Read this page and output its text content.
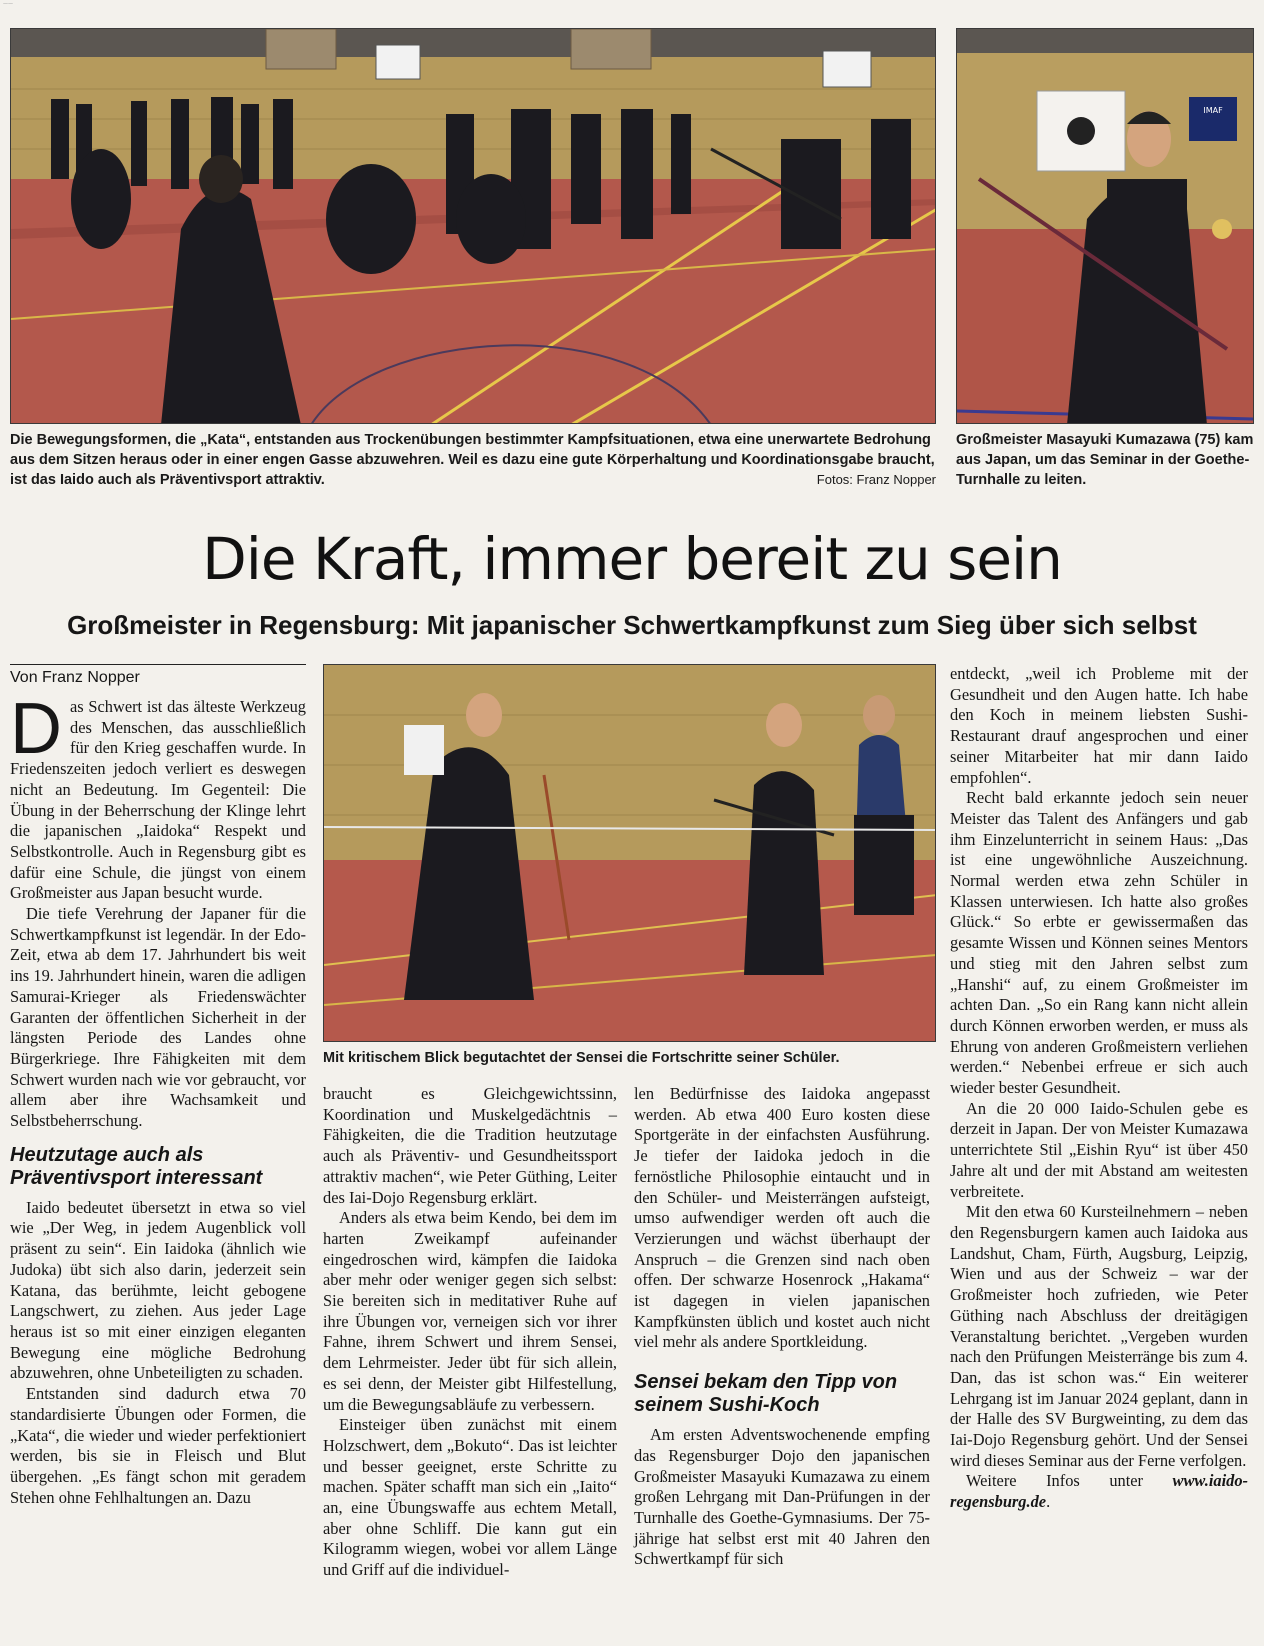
——
IMAF
Die Bewegungsformen, die „Kata“, entstanden aus Trockenübungen bestimmter Kampfsituationen, etwa eine unerwartete Bedrohung aus dem Sitzen heraus oder in einer engen Gasse abzuwehren. Weil es dazu eine gute Körperhaltung und Koordinationsgabe braucht, ist das Iaido auch als Präventivsport attraktiv.	Fotos: Franz Nopper
Großmeister Masayuki Kumazawa (75) kam aus Japan, um das Seminar in der Goethe-Turnhalle zu leiten.
Die Kraft, immer bereit zu sein
Großmeister in Regensburg: Mit japanischer Schwertkampfkunst zum Sieg über sich selbst
Von Franz Nopper
Mit kritischem Blick begutachtet der Sensei die Fortschritte seiner Schüler.

Das Schwert ist das älteste Werkzeug des Menschen, das ausschließlich für den Krieg geschaffen wurde. In Friedenszeiten jedoch verliert es deswegen nicht an Bedeutung. Im Gegenteil: Die Übung in der Beherrschung der Klinge lehrt die japanischen „Iaidoka“ Respekt und Selbstkontrolle. Auch in Regensburg gibt es dafür eine Schule, die jüngst von einem Großmeister aus Japan besucht wurde.

Die tiefe Verehrung der Japaner für die Schwertkampfkunst ist legendär. In der Edo-Zeit, etwa ab dem 17. Jahrhundert bis weit ins 19. Jahrhundert hinein, waren die adligen Samurai-Krieger als Friedenswächter Garanten der öffentlichen Sicherheit in der längsten Periode des Landes ohne Bürgerkriege. Ihre Fähigkeiten mit dem Schwert wurden nach wie vor gebraucht, vor allem aber ihre Wachsamkeit und Selbstbeherrschung.

Heutzutage auch als Präventivsport interessant

Iaido bedeutet übersetzt in etwa so viel wie „Der Weg, in jedem Augenblick voll präsent zu sein“. Ein Iaidoka (ähnlich wie Judoka) übt sich also darin, jederzeit sein Katana, das berühmte, leicht gebogene Langschwert, zu ziehen. Aus jeder Lage heraus ist so mit einer einzigen eleganten Bewegung eine mögliche Bedrohung abzuwehren, ohne Unbeteiligten zu schaden.

Entstanden sind dadurch etwa 70 standardisierte Übungen oder Formen, die „Kata“, die wieder und wieder perfektioniert werden, bis sie in Fleisch und Blut übergehen. „Es fängt schon mit geradem Stehen ohne Fehlhaltungen an. Dazu

braucht es Gleichgewichtssinn, Koordination und Muskelgedächtnis – Fähigkeiten, die die Tradition heutzutage auch als Präventiv- und Gesundheitssport attraktiv machen“, wie Peter Güthing, Leiter des Iai-Dojo Regensburg erklärt.

Anders als etwa beim Kendo, bei dem im harten Zweikampf aufeinander eingedroschen wird, kämpfen die Iaidoka aber mehr oder weniger gegen sich selbst: Sie bereiten sich in meditativer Ruhe auf ihre Übungen vor, verneigen sich vor ihrer Fahne, ihrem Schwert und ihrem Sensei, dem Lehrmeister. Jeder übt für sich allein, es sei denn, der Meister gibt Hilfestellung, um die Bewegungsabläufe zu verbessern.

Einsteiger üben zunächst mit einem Holzschwert, dem „Bokuto“. Das ist leichter und besser geeignet, erste Schritte zu machen. Später schafft man sich ein „Iaito“ an, eine Übungswaffe aus echtem Metall, aber ohne Schliff. Die kann gut ein Kilogramm wiegen, wobei vor allem Länge und Griff auf die individuel-

len Bedürfnisse des Iaidoka angepasst werden. Ab etwa 400 Euro kosten diese Sportgeräte in der einfachsten Ausführung. Je tiefer der Iaidoka jedoch in die fernöstliche Philosophie eintaucht und in den Schüler- und Meisterrängen aufsteigt, umso aufwendiger werden oft auch die Verzierungen und wächst überhaupt der Anspruch – die Grenzen sind nach oben offen. Der schwarze Hosenrock „Hakama“ ist dagegen in vielen japanischen Kampfkünsten üblich und kostet auch nicht viel mehr als andere Sportkleidung.

Sensei bekam den Tipp von seinem Sushi-Koch

Am ersten Adventswochenende empfing das Regensburger Dojo den japanischen Großmeister Masayuki Kumazawa zu einem großen Lehrgang mit Dan-Prüfungen in der Turnhalle des Goethe-Gymnasiums. Der 75-jährige hat selbst erst mit 40 Jahren den Schwertkampf für sich

entdeckt, „weil ich Probleme mit der Gesundheit und den Augen hatte. Ich habe den Koch in meinem liebsten Sushi-Restaurant drauf angesprochen und einer seiner Mitarbeiter hat mir dann Iaido empfohlen“.

Recht bald erkannte jedoch sein neuer Meister das Talent des Anfängers und gab ihm Einzelunterricht in seinem Haus: „Das ist eine ungewöhnliche Auszeichnung. Normal werden etwa zehn Schüler in Klassen unterwiesen. Ich hatte also großes Glück.“ So erbte er gewissermaßen das gesamte Wissen und Können seines Mentors und stieg mit den Jahren selbst zum „Hanshi“ auf, zu einem Großmeister im achten Dan. „So ein Rang kann nicht allein durch Können erworben werden, er muss als Ehrung von anderen Großmeistern verliehen werden.“ Nebenbei erfreue er sich auch wieder bester Gesundheit.

An die 20 000 Iaido-Schulen gebe es derzeit in Japan. Der von Meister Kumazawa unterrichtete Stil „Eishin Ryu“ ist über 450 Jahre alt und der mit Abstand am weitesten verbreitete.

Mit den etwa 60 Kursteilnehmern – neben den Regensburgern kamen auch Iaidoka aus Landshut, Cham, Fürth, Augsburg, Leipzig, Wien und aus der Schweiz – war der Großmeister hoch zufrieden, wie Peter Güthing nach Abschluss der dreitägigen Veranstaltung berichtet. „Vergeben wurden nach den Prüfungen Meisterränge bis zum 4. Dan, das ist schon was.“ Ein weiterer Lehrgang ist im Januar 2024 geplant, dann in der Halle des SV Burgweinting, zu dem das Iai-Dojo Regensburg gehört. Und der Sensei wird dieses Seminar aus der Ferne verfolgen.

Weitere Infos unter www.iaido-regensburg.de.
